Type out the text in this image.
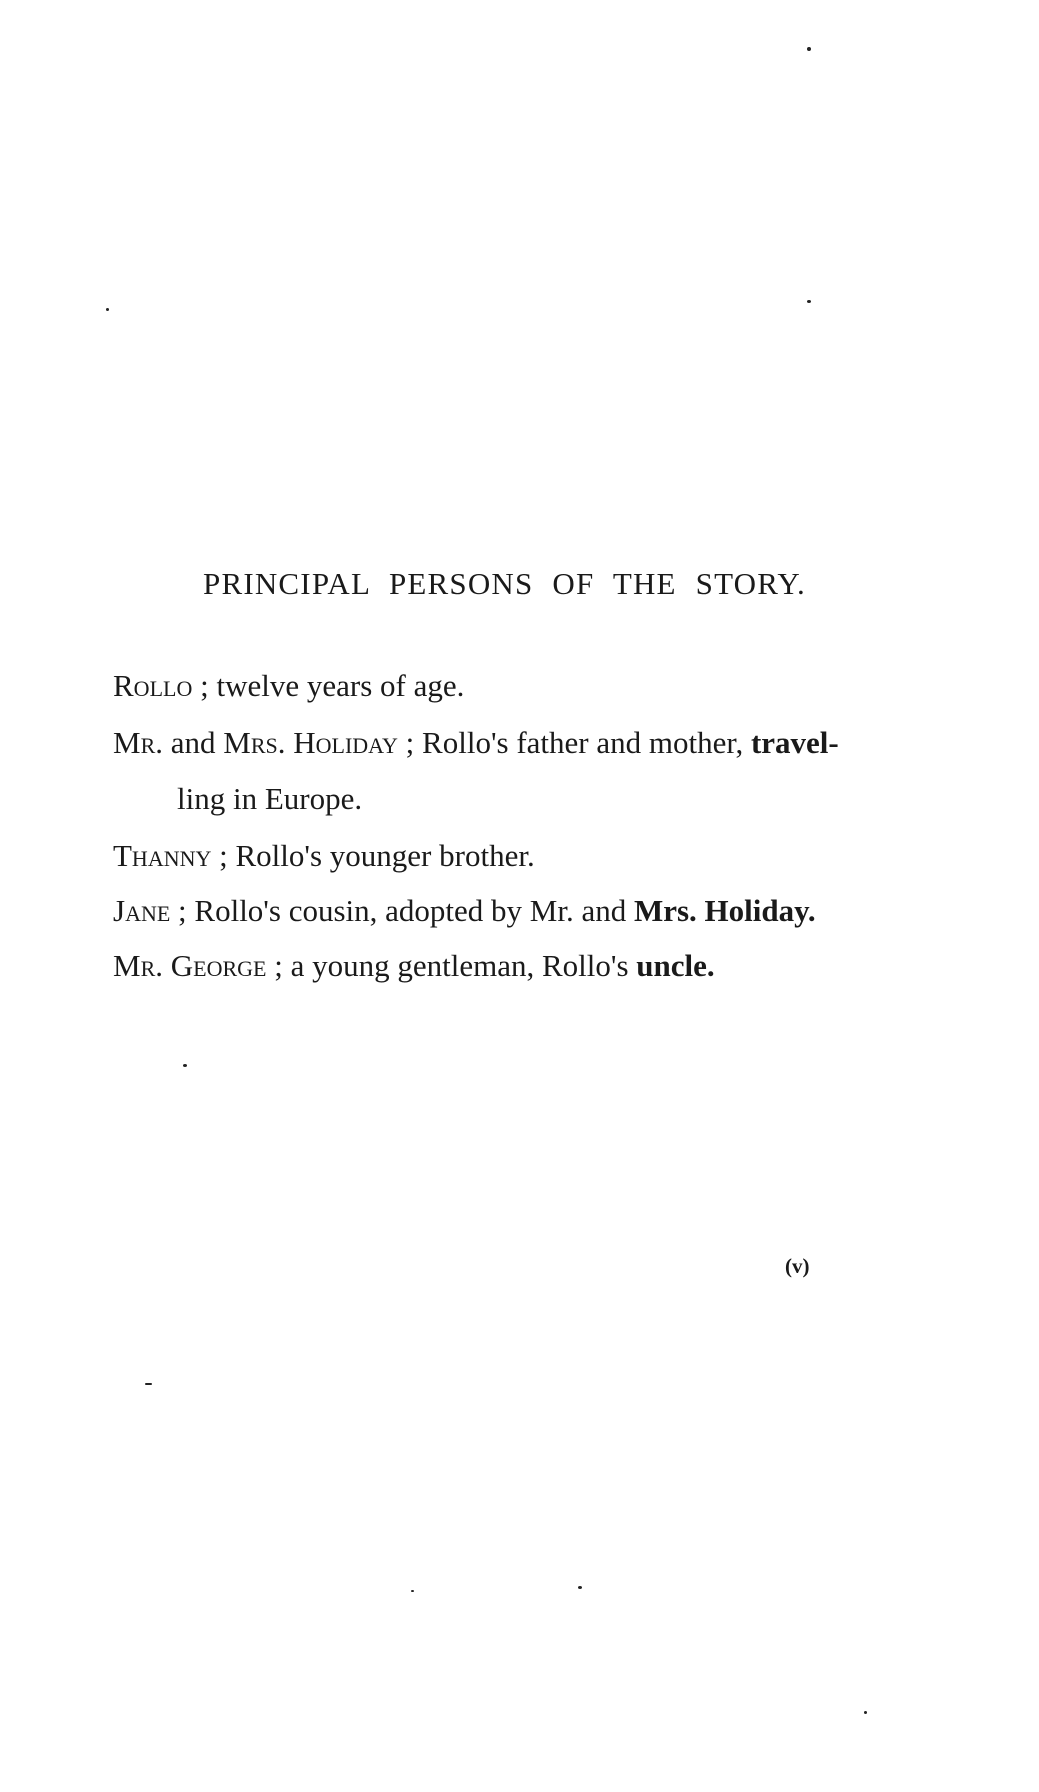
PRINCIPAL PERSONS OF THE STORY.
Rollo ; twelve years of age.
Mr. and Mrs. Holiday ; Rollo's father and mother, travel-
ling in Europe.
Thanny ; Rollo's younger brother.
Jane ; Rollo's cousin, adopted by Mr. and Mrs. Holiday.
Mr. George ; a young gentleman, Rollo's uncle.
(v)
